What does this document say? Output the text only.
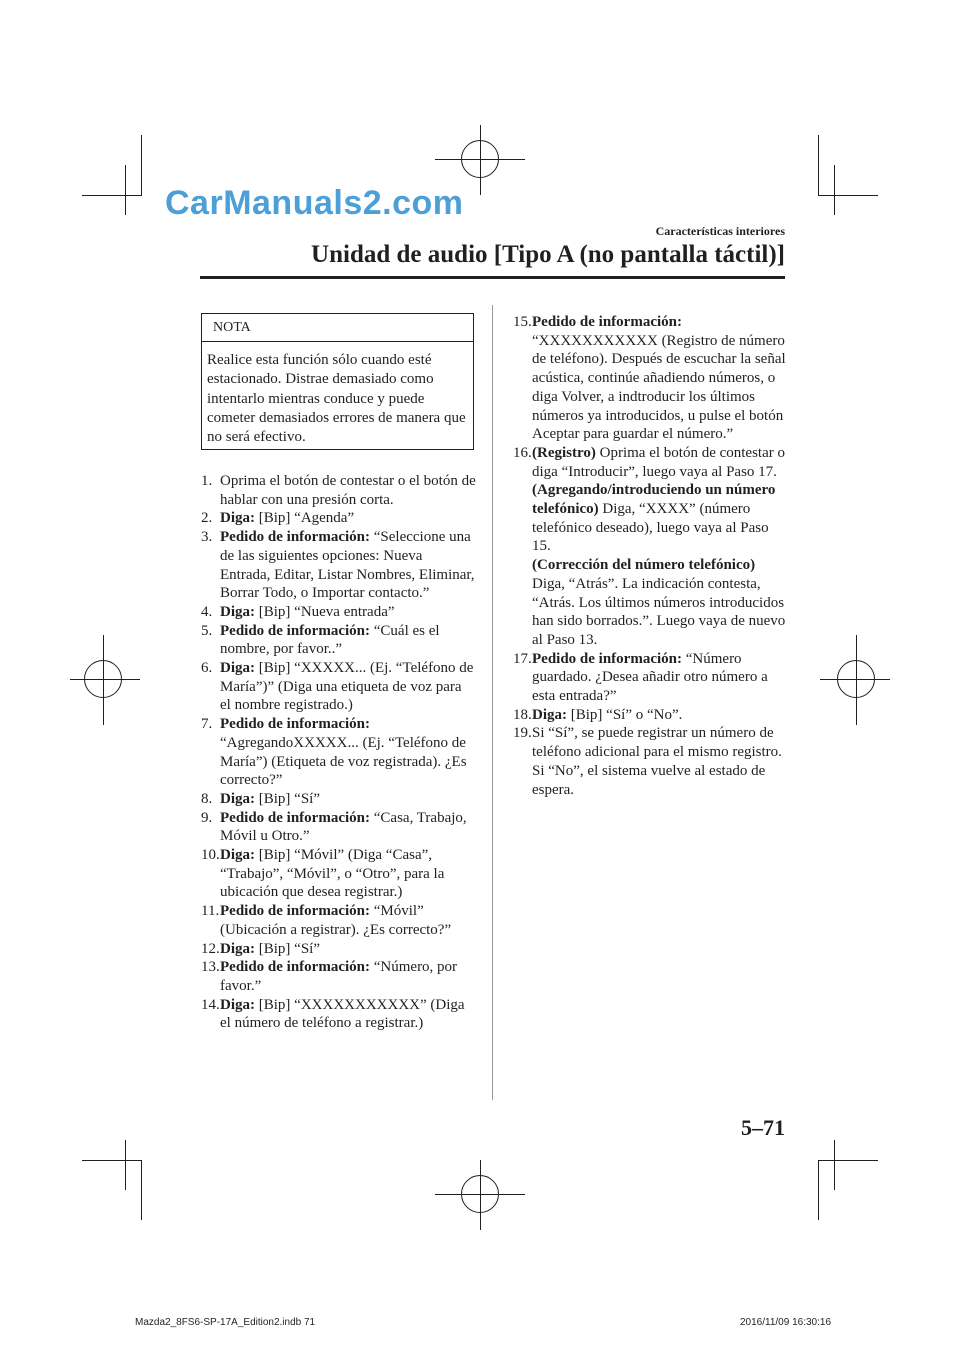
CarManuals2.com
Características interiores
Unidad de audio [Tipo A (no pantalla táctil)]
NOTA
Realice esta función sólo cuando esté estacionado. Distrae demasiado como intentarlo mientras conduce y puede cometer demasiados errores de manera que no será efectivo.
1. Oprima el botón de contestar o el botón de hablar con una presión corta.
2. Diga: [Bip] “Agenda”
3. Pedido de información: “Seleccione una de las siguientes opciones: Nueva Entrada, Editar, Listar Nombres, Eliminar, Borrar Todo, o Importar contacto.”
4. Diga: [Bip] “Nueva entrada”
5. Pedido de información: “Cuál es el nombre, por favor..”
6. Diga: [Bip] “XXXXX... (Ej. “Teléfono de María”)” (Diga una etiqueta de voz para el nombre registrado.)
7. Pedido de información: “AgregandoXXXXX... (Ej. “Teléfono de María”) (Etiqueta de voz registrada). ¿Es correcto?”
8. Diga: [Bip] “Sí”
9. Pedido de información: “Casa, Trabajo, Móvil u Otro.”
10. Diga: [Bip] “Móvil” (Diga “Casa”, “Trabajo”, “Móvil”, o “Otro”, para la ubicación que desea registrar.)
11. Pedido de información: “Móvil” (Ubicación a registrar). ¿Es correcto?”
12. Diga: [Bip] “Sí”
13. Pedido de información: “Número, por favor.”
14. Diga: [Bip] “XXXXXXXXXXX” (Diga el número de teléfono a registrar.)
15. Pedido de información: “XXXXXXXXXXX (Registro de número de teléfono). Después de escuchar la señal acústica, continúe añadiendo números, o diga Volver, a indtroducir los últimos números ya introducidos, u pulse el botón Aceptar para guardar el número.”
16. (Registro) Oprima el botón de contestar o diga “Introducir”, luego vaya al Paso 17.
(Agregando/introduciendo un número telefónico) Diga, “XXXX” (número telefónico deseado), luego vaya al Paso 15.
(Corrección del número telefónico) Diga, “Atrás”. La indicación contesta, “Atrás. Los últimos números introducidos han sido borrados.”. Luego vaya de nuevo al Paso 13.
17. Pedido de información: “Número guardado. ¿Desea añadir otro número a esta entrada?”
18. Diga: [Bip] “Sí” o “No”.
19. Si “Sí”, se puede registrar un número de teléfono adicional para el mismo registro.
Si “No”, el sistema vuelve al estado de espera.
5–71
Mazda2_8FS6-SP-17A_Edition2.indb 71	2016/11/09 16:30:16
